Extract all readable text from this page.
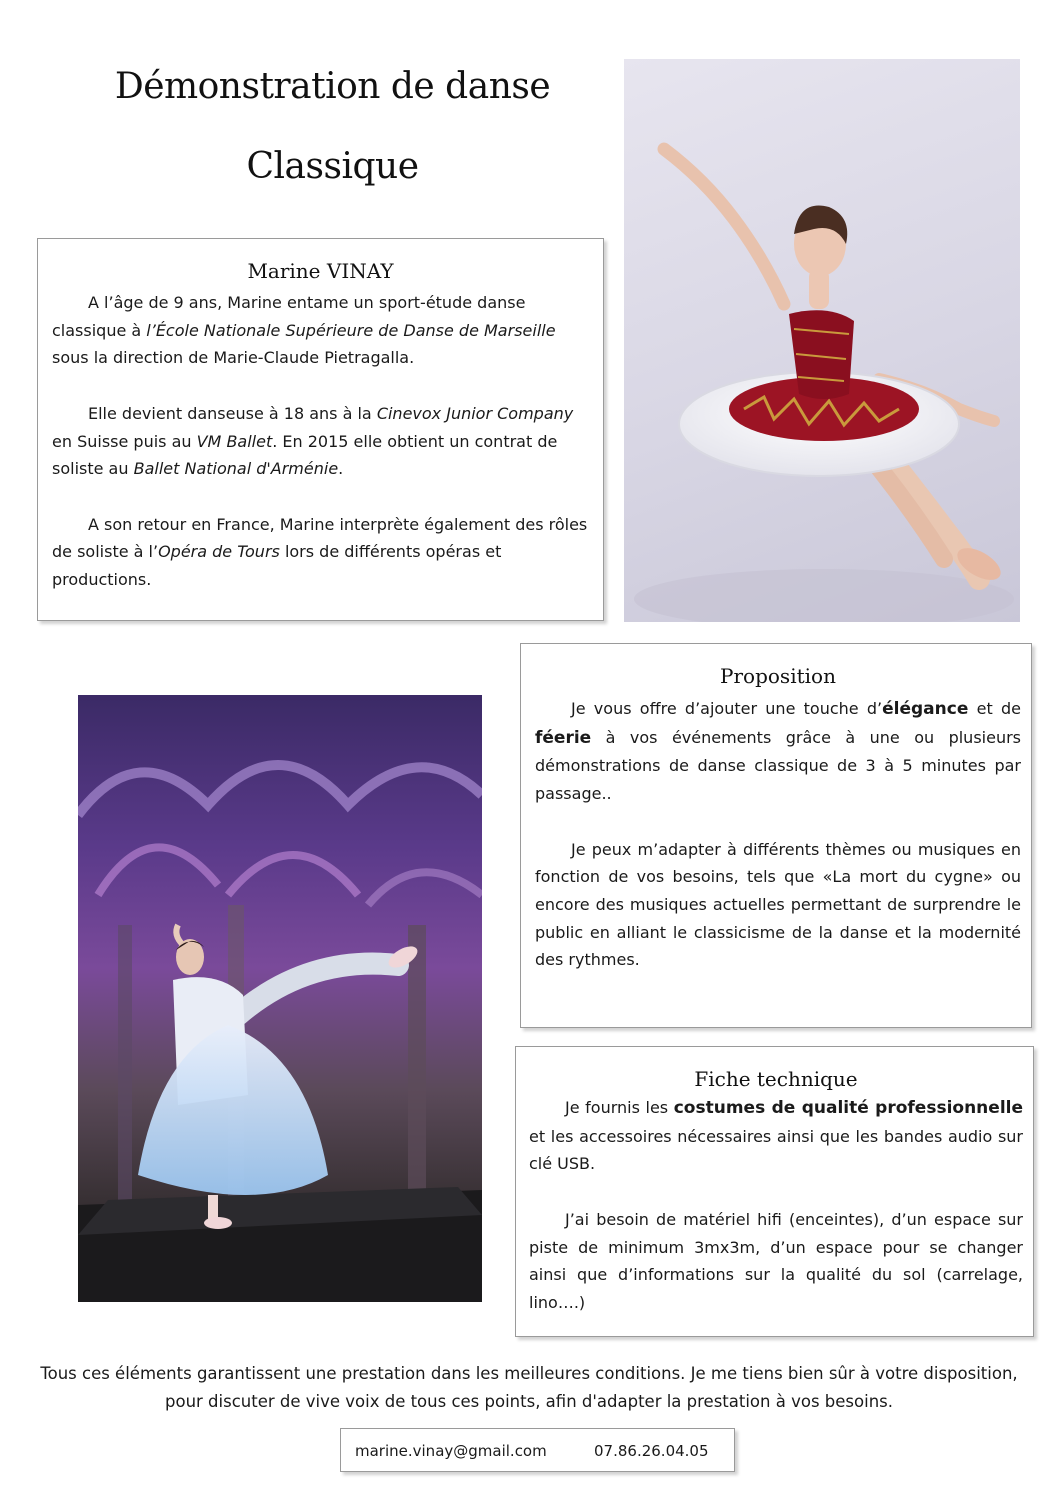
Démonstration de danse
Classique
Marine VINAY

A l’âge de 9 ans, Marine entame un sport-étude danse classique à l’École Nationale Supérieure de Danse de Marseille sous la direction de Marie-Claude Pietragalla.

Elle devient danseuse à 18 ans à la Cinevox Junior Company en Suisse puis au VM Ballet. En 2015 elle obtient un contrat de soliste au Ballet National d'Arménie.

A son retour en France, Marine interprète également des rôles de soliste à l’Opéra de Tours lors de différents opéras et productions.

Proposition

Je vous offre d’ajouter une touche d’élégance et de féerie à vos événements grâce à une ou plusieurs démonstrations de danse classique de 3 à 5 minutes par passage..

Je peux m’adapter à différents thèmes ou musiques en fonction de vos besoins, tels que «La mort du cygne» ou encore des musiques actuelles permettant de surprendre le public en alliant le classicisme de la danse et la modernité des rythmes.

Fiche technique

Je fournis les costumes de qualité professionnelle et les accessoires nécessaires ainsi que les bandes audio sur clé USB.

J’ai besoin de matériel hifi (enceintes), d’un espace sur piste de minimum 3mx3m, d’un espace pour se changer ainsi que d’informations sur la qualité du sol (carrelage, lino….)

Tous ces éléments garantissent une prestation dans les meilleures conditions. Je me tiens bien sûr à votre disposition, pour discuter de vive voix de tous ces points, afin d'adapter la prestation à vos besoins.

marine.vinay@gmail.com	07.86.26.04.05
